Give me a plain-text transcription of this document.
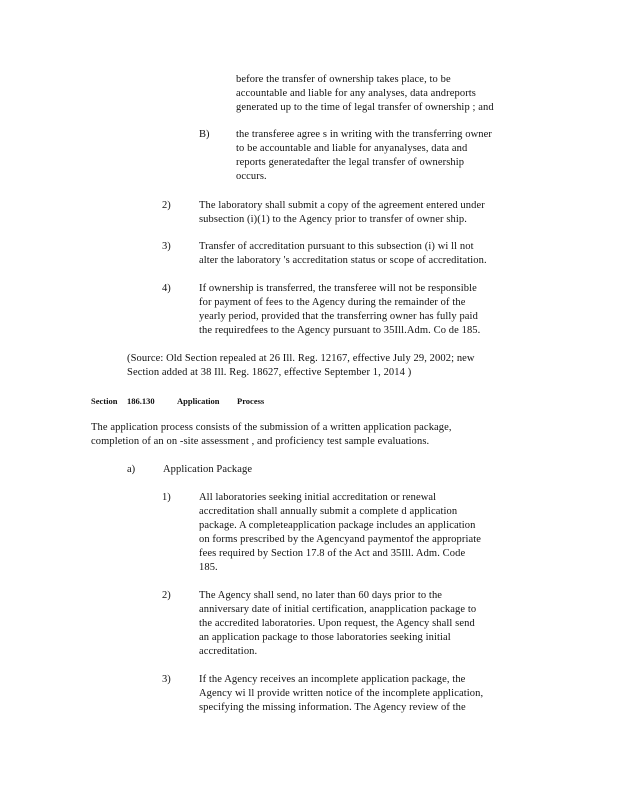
before the transfer of ownership takes place, to be
accountable and liable for any analyses, data andreports
generated up to the time of legal transfer of ownership ; and
B)	the transferee agree s in writing with the transferring owner
to be accountable and liable for anyanalyses, data and
reports generatedafter the legal transfer of ownership
occurs.
2)	The laboratory shall submit a copy of the agreement entered under
subsection (i)(1) to the Agency prior to transfer of owner ship.
3)	Transfer of accreditation pursuant to this subsection (i) wi ll not
alter the laboratory 's accreditation status or scope of accreditation.
4)	If ownership is transferred, the transferee will not be responsible
for payment of fees to the Agency during the remainder of the
yearly period, provided that the transferring owner has fully paid
the requiredfees to the Agency pursuant to 35Ill.Adm. Co de 185.
(Source: Old Section repealed at 26 Ill. Reg. 12167, effective July 29, 2002; new
Section added at 38 Ill. Reg. 18627, effective September 1, 2014 )
Section 186.130	Application Process
The application process consists of the submission of a written application package,
completion of an on -site assessment , and proficiency test sample evaluations.
a)	Application Package
1)	All laboratories seeking initial accreditation or renewal
accreditation shall annually submit a complete d application
package. A completeapplication package includes an application
on forms prescribed by the Agencyand paymentof the appropriate
fees required by Section 17.8 of the Act and 35Ill. Adm. Code
185.
2)	The Agency shall send, no later than 60 days prior to the
anniversary date of initial certification, anapplication package to
the accredited laboratories. Upon request, the Agency shall send
an application package to those laboratories seeking initial
accreditation.
3)	If the Agency receives an incomplete application package, the
Agency wi ll provide written notice of the incomplete application,
specifying the missing information. The Agency review of the
